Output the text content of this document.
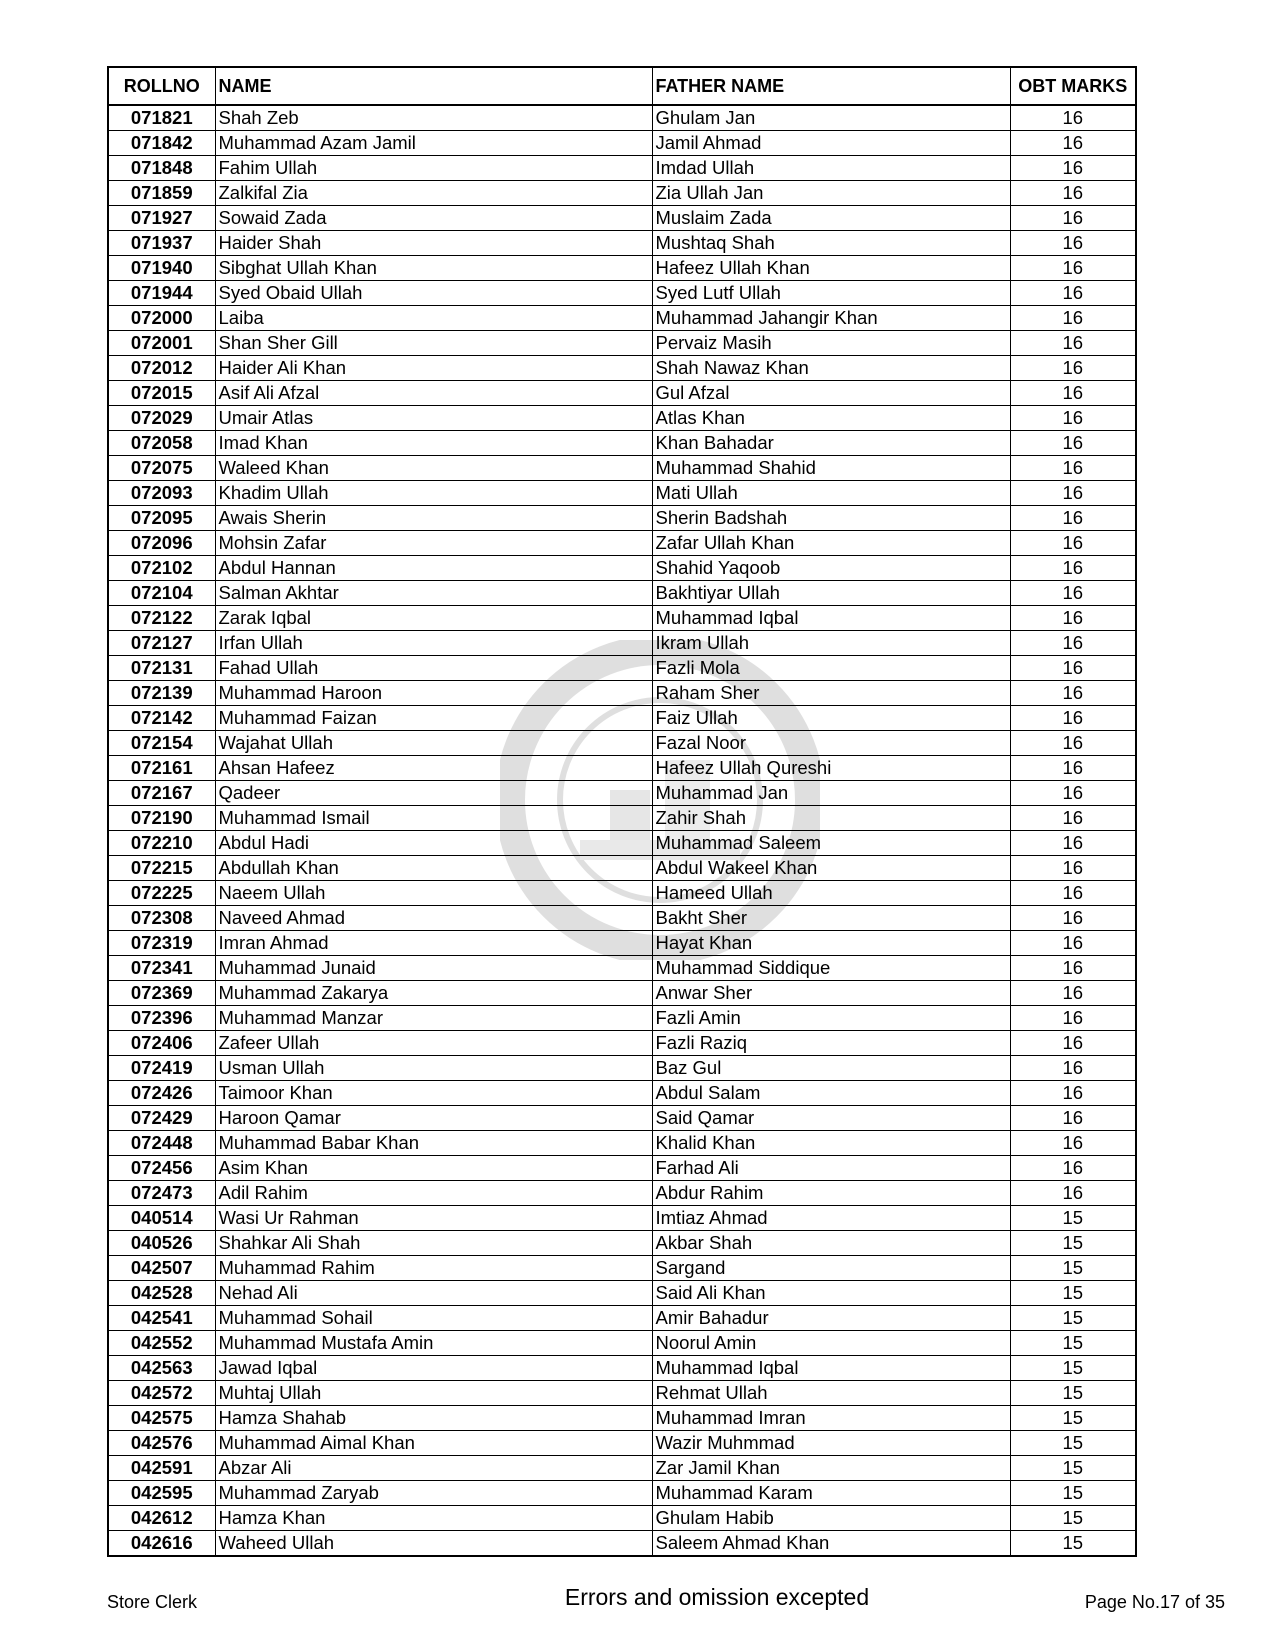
ROLLNO	NAME	FATHER NAME	OBT MARKS
071821	Shah Zeb	Ghulam Jan	16
071842	Muhammad Azam Jamil	Jamil Ahmad	16
071848	Fahim Ullah	Imdad Ullah	16
071859	Zalkifal Zia	Zia Ullah Jan	16
071927	Sowaid Zada	Muslaim Zada	16
071937	Haider Shah	Mushtaq Shah	16
071940	Sibghat Ullah Khan	Hafeez Ullah Khan	16
071944	Syed Obaid Ullah	Syed Lutf Ullah	16
072000	Laiba	Muhammad Jahangir Khan	16
072001	Shan Sher Gill	Pervaiz Masih	16
072012	Haider Ali Khan	Shah Nawaz Khan	16
072015	Asif Ali Afzal	Gul Afzal	16
072029	Umair Atlas	Atlas Khan	16
072058	Imad Khan	Khan Bahadar	16
072075	Waleed Khan	Muhammad Shahid	16
072093	Khadim Ullah	Mati Ullah	16
072095	Awais Sherin	Sherin Badshah	16
072096	Mohsin Zafar	Zafar Ullah Khan	16
072102	Abdul Hannan	Shahid Yaqoob	16
072104	Salman Akhtar	Bakhtiyar Ullah	16
072122	Zarak Iqbal	Muhammad Iqbal	16
072127	Irfan Ullah	Ikram Ullah	16
072131	Fahad Ullah	Fazli Mola	16
072139	Muhammad Haroon	Raham Sher	16
072142	Muhammad Faizan	Faiz Ullah	16
072154	Wajahat Ullah	Fazal Noor	16
072161	Ahsan Hafeez	Hafeez Ullah Qureshi	16
072167	Qadeer	Muhammad Jan	16
072190	Muhammad Ismail	Zahir Shah	16
072210	Abdul Hadi	Muhammad Saleem	16
072215	Abdullah Khan	Abdul Wakeel Khan	16
072225	Naeem Ullah	Hameed Ullah	16
072308	Naveed Ahmad	Bakht Sher	16
072319	Imran Ahmad	Hayat Khan	16
072341	Muhammad Junaid	Muhammad Siddique	16
072369	Muhammad Zakarya	Anwar Sher	16
072396	Muhammad Manzar	Fazli Amin	16
072406	Zafeer Ullah	Fazli Raziq	16
072419	Usman Ullah	Baz Gul	16
072426	Taimoor Khan	Abdul Salam	16
072429	Haroon Qamar	Said Qamar	16
072448	Muhammad Babar Khan	Khalid Khan	16
072456	Asim Khan	Farhad Ali	16
072473	Adil Rahim	Abdur Rahim	16
040514	Wasi Ur Rahman	Imtiaz Ahmad	15
040526	Shahkar Ali Shah	Akbar Shah	15
042507	Muhammad Rahim	Sargand	15
042528	Nehad Ali	Said Ali Khan	15
042541	Muhammad Sohail	Amir Bahadur	15
042552	Muhammad Mustafa Amin	Noorul Amin	15
042563	Jawad Iqbal	Muhammad Iqbal	15
042572	Muhtaj Ullah	Rehmat Ullah	15
042575	Hamza Shahab	Muhammad Imran	15
042576	Muhammad Aimal Khan	Wazir Muhmmad	15
042591	Abzar Ali	Zar Jamil Khan	15
042595	Muhammad Zaryab	Muhammad Karam	15
042612	Hamza Khan	Ghulam Habib	15
042616	Waheed Ullah	Saleem Ahmad Khan	15
Store Clerk	Errors and omission excepted	Page No.17 of 35
